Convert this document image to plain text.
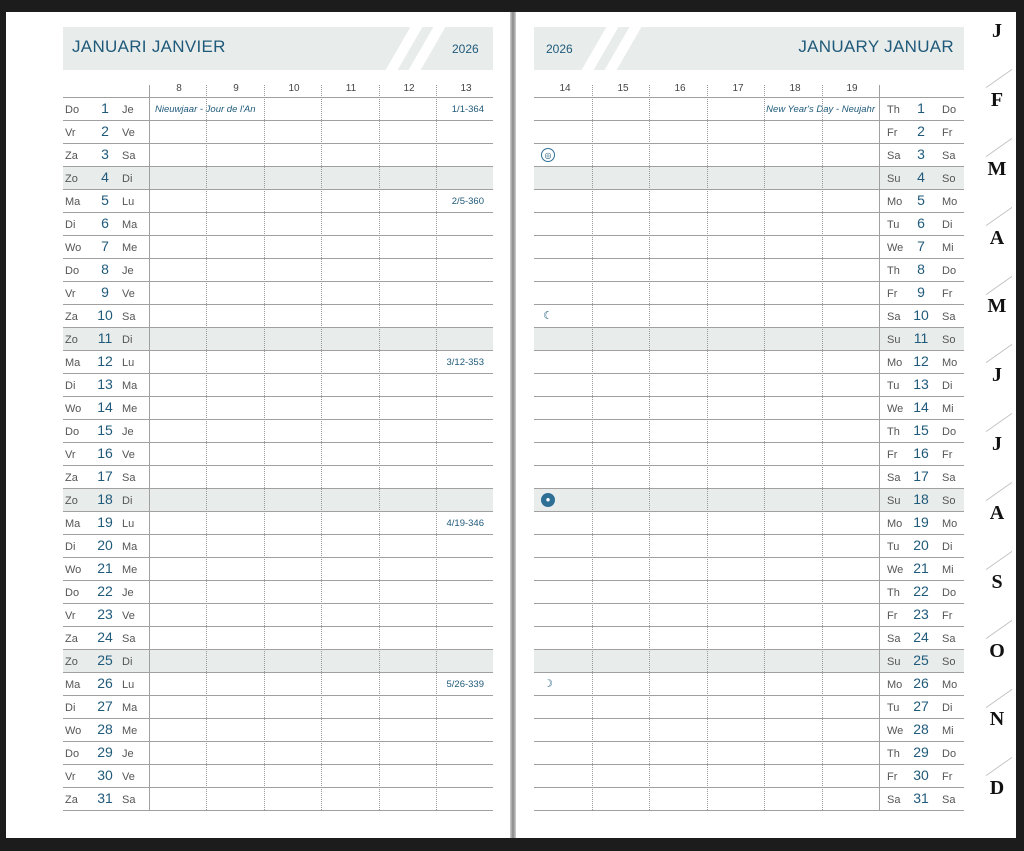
JANUARI JANVIER	2026
8	9	10	11	12	13
Do	1	Je Nieuwjaar - Jour de l'An	1/1-364
Vr	2	Ve
Za	3	Sa
Zo	4	Di
Ma	5	Lu	2/5-360
Di	6	Ma
Wo	7	Me
Do	8	Je
Vr	9	Ve
Za 10 Sa
Zo 11 Di
Ma 12 Lu	3/12-353
Di 13 Ma
Wo 14 Me
Do 15 Je
Vr 16 Ve
Za 17 Sa
Zo 18 Di
Ma 19 Lu	4/19-346
Di 20 Ma
Wo 21 Me
Do 22 Je
Vr 23 Ve
Za 24 Sa
Zo 25 Di
Ma 26 Lu	5/26-339
Di 27 Ma
Wo 28 Me
Do 29 Je
Vr 30 Ve
Za 31 Sa
2026	JANUARY JANUAR
14	15	16	17	18	19
Th	1	Do
New Year's Day - Neujahr
Fr	2	Fr
Sa	3	Sa
◎
Su	4	So
Mo	5	Mo
Tu	6	Di
We 7	Mi
Th	8	Do
Fr	9	Fr
Sa 10 Sa
☾
Su 11	So
Mo 12 Mo
Tu 13 Di
We 14 Mi
Th 15 Do
Fr 16 Fr
Sa 17 Sa
Su 18 So
●
Mo 19 Mo
Tu 20 Di
We 21 Mi
Th 22 Do
Fr 23 Fr
Sa 24 Sa
Su 25 So
Mo 26 Mo
☽
Tu 27 Di
We 28 Mi
Th 29 Do
Fr 30 Fr
Sa 31 Sa
J
F
M
A
M
J
J
A
S
O
N
D
